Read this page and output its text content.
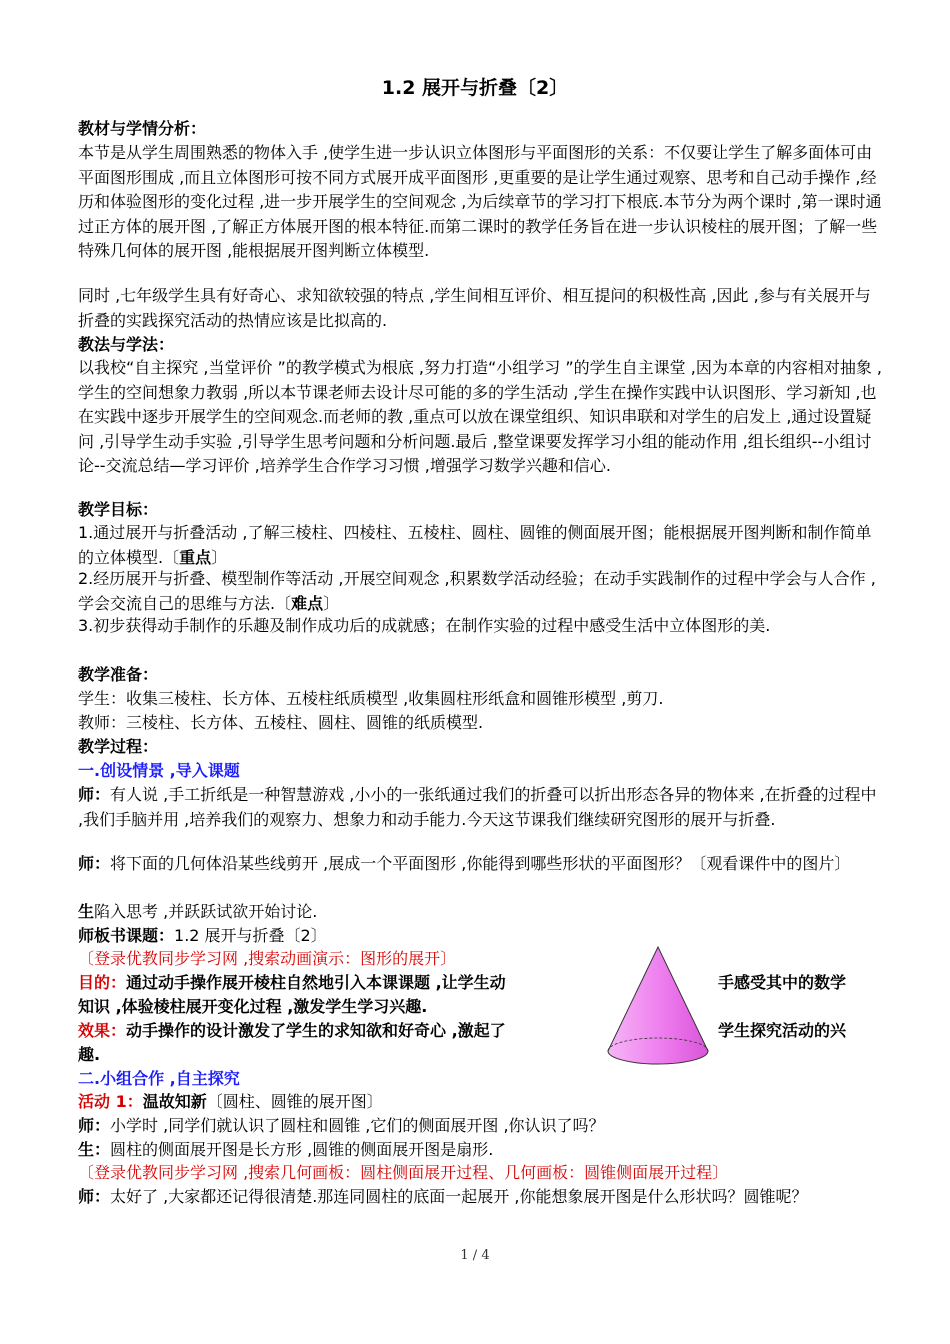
1.2 展开与折叠〔2〕

教材与学情分析：

本节是从学生周围熟悉的物体入手 ,使学生进一步认识立体图形与平面图形的关系：不仅要让学生了解多面体可由平面图形围成 ,而且立体图形可按不同方式展开成平面图形 ,更重要的是让学生通过观察、思考和自己动手操作 ,经历和体验图形的变化过程 ,进一步开展学生的空间观念 ,为后续章节的学习打下根底.本节分为两个课时 ,第一课时通过正方体的展开图 ,了解正方体展开图的根本特征.而第二课时的教学任务旨在进一步认识棱柱的展开图；了解一些特殊几何体的展开图 ,能根据展开图判断立体模型.

同时 ,七年级学生具有好奇心、求知欲较强的特点 ,学生间相互评价、相互提问的积极性高 ,因此 ,参与有关展开与折叠的实践探究活动的热情应该是比拟高的.

教法与学法：

以我校“自主探究 ,当堂评价 ”的教学模式为根底 ,努力打造“小组学习 ”的学生自主课堂 ,因为本章的内容相对抽象 ,学生的空间想象力教弱 ,所以本节课老师去设计尽可能的多的学生活动 ,学生在操作实践中认识图形、学习新知 ,也在实践中逐步开展学生的空间观念.而老师的教 ,重点可以放在课堂组织、知识串联和对学生的启发上 ,通过设置疑问 ,引导学生动手实验 ,引导学生思考问题和分析问题.最后 ,整堂课要发挥学习小组的能动作用 ,组长组织--小组讨论--交流总结—学习评价 ,培养学生合作学习习惯 ,增强学习数学兴趣和信心.

教学目标：

1.通过展开与折叠活动 ,了解三棱柱、四棱柱、五棱柱、圆柱、圆锥的侧面展开图；能根据展开图判断和制作简单的立体模型.〔重点〕

2.经历展开与折叠、模型制作等活动 ,开展空间观念 ,积累数学活动经验；在动手实践制作的过程中学会与人合作 ,学会交流自己的思维与方法.〔难点〕

3.初步获得动手制作的乐趣及制作成功后的成就感；在制作实验的过程中感受生活中立体图形的美.

教学准备：

学生：收集三棱柱、长方体、五棱柱纸质模型 ,收集圆柱形纸盒和圆锥形模型 ,剪刀.

教师：三棱柱、长方体、五棱柱、圆柱、圆锥的纸质模型.

教学过程：

一.创设情景 ,导入课题

师：有人说 ,手工折纸是一种智慧游戏 ,小小的一张纸通过我们的折叠可以折出形态各异的物体来 ,在折叠的过程中 ,我们手脑并用 ,培养我们的观察力、想象力和动手能力.今天这节课我们继续研究图形的展开与折叠.

师：将下面的几何体沿某些线剪开 ,展成一个平面图形 ,你能得到哪些形状的平面图形？〔观看课件中的图片〕

生陷入思考 ,并跃跃试欲开始讨论.

师板书课题：1.2 展开与折叠〔2〕

〔登录优教同步学习网 ,搜索动画演示：图形的展开〕

目的：通过动手操作展开棱柱自然地引入本课课题 ,让学生动	手感受其中的数学
知识 ,体验棱柱展开变化过程 ,激发学生学习兴趣.
效果：动手操作的设计激发了学生的求知欲和好奇心 ,激起了	学生探究活动的兴
趣.

二.小组合作 ,自主探究

活动 1：温故知新〔圆柱、圆锥的展开图〕

师：小学时 ,同学们就认识了圆柱和圆锥 ,它们的侧面展开图 ,你认识了吗？

生：圆柱的侧面展开图是长方形 ,圆锥的侧面展开图是扇形.

〔登录优教同步学习网 ,搜索几何画板：圆柱侧面展开过程、几何画板：圆锥侧面展开过程〕

师：太好了 ,大家都还记得很清楚.那连同圆柱的底面一起展开 ,你能想象展开图是什么形状吗？圆锥呢？

1 / 4
